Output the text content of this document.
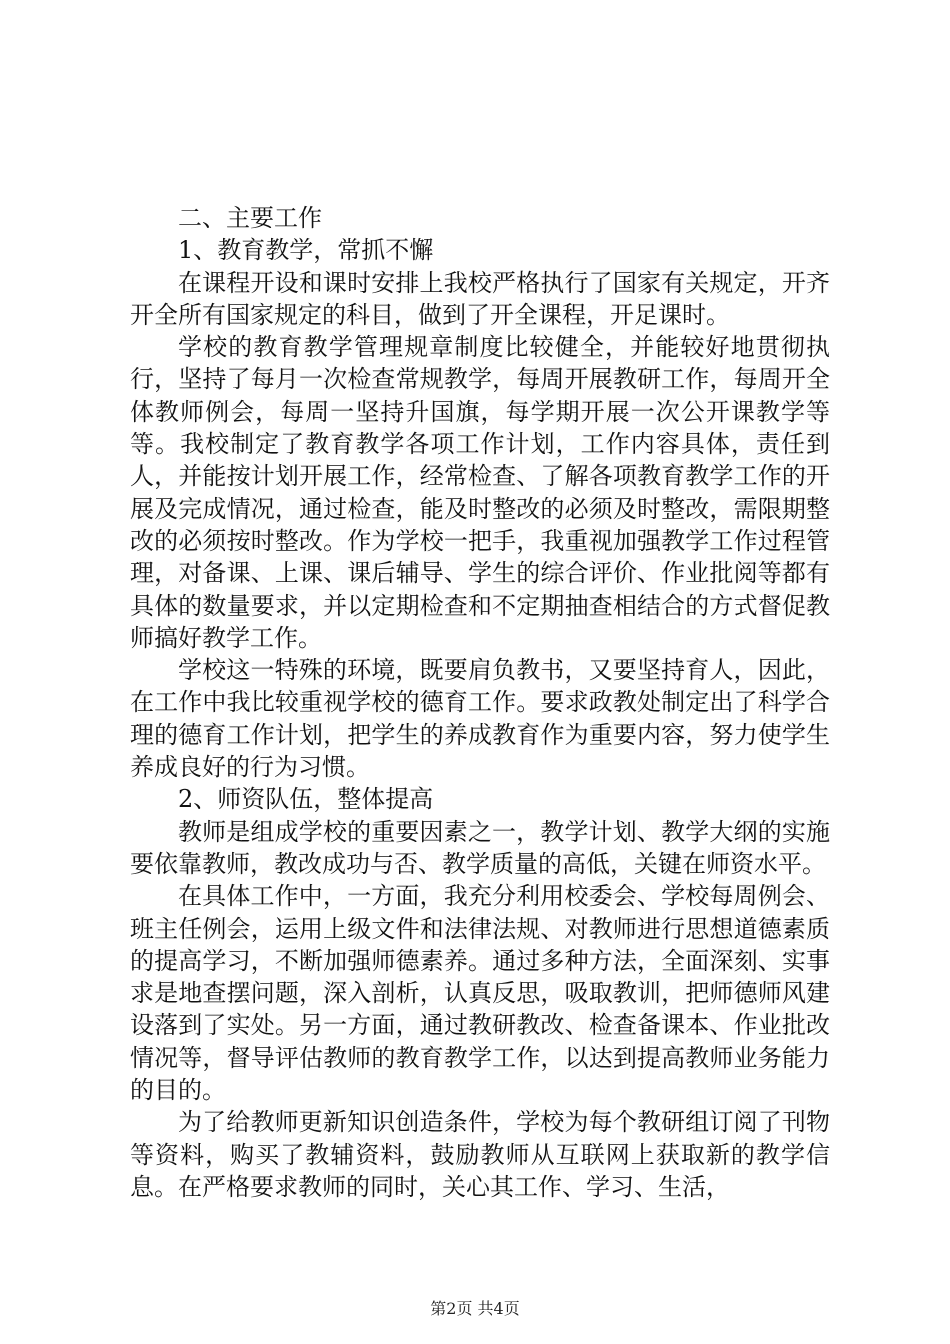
二、主要工作

1、教育教学，常抓不懈

在课程开设和课时安排上我校严格执行了国家有关规定，开齐开全所有国家规定的科目，做到了开全课程，开足课时。

学校的教育教学管理规章制度比较健全，并能较好地贯彻执行，坚持了每月一次检查常规教学，每周开展教研工作，每周开全体教师例会，每周一坚持升国旗，每学期开展一次公开课教学等等。我校制定了教育教学各项工作计划，工作内容具体，责任到人，并能按计划开展工作，经常检查、了解各项教育教学工作的开展及完成情况，通过检查，能及时整改的必须及时整改，需限期整改的必须按时整改。作为学校一把手，我重视加强教学工作过程管理，对备课、上课、课后辅导、学生的综合评价、作业批阅等都有具体的数量要求，并以定期检查和不定期抽查相结合的方式督促教师搞好教学工作。

学校这一特殊的环境，既要肩负教书，又要坚持育人，因此，在工作中我比较重视学校的德育工作。要求政教处制定出了科学合理的德育工作计划，把学生的养成教育作为重要内容，努力使学生养成良好的行为习惯。

2、师资队伍，整体提高

教师是组成学校的重要因素之一，教学计划、教学大纲的实施要依靠教师，教改成功与否、教学质量的高低，关键在师资水平。

在具体工作中，一方面，我充分利用校委会、学校每周例会、班主任例会，运用上级文件和法律法规、对教师进行思想道德素质的提高学习，不断加强师德素养。通过多种方法，全面深刻、实事求是地查摆问题，深入剖析，认真反思，吸取教训，把师德师风建设落到了实处。另一方面，通过教研教改、检查备课本、作业批改情况等，督导评估教师的教育教学工作，以达到提高教师业务能力的目的。

为了给教师更新知识创造条件，学校为每个教研组订阅了刊物等资料，购买了教辅资料，鼓励教师从互联网上获取新的教学信息。在严格要求教师的同时，关心其工作、学习、生活，

第2页 共4页
